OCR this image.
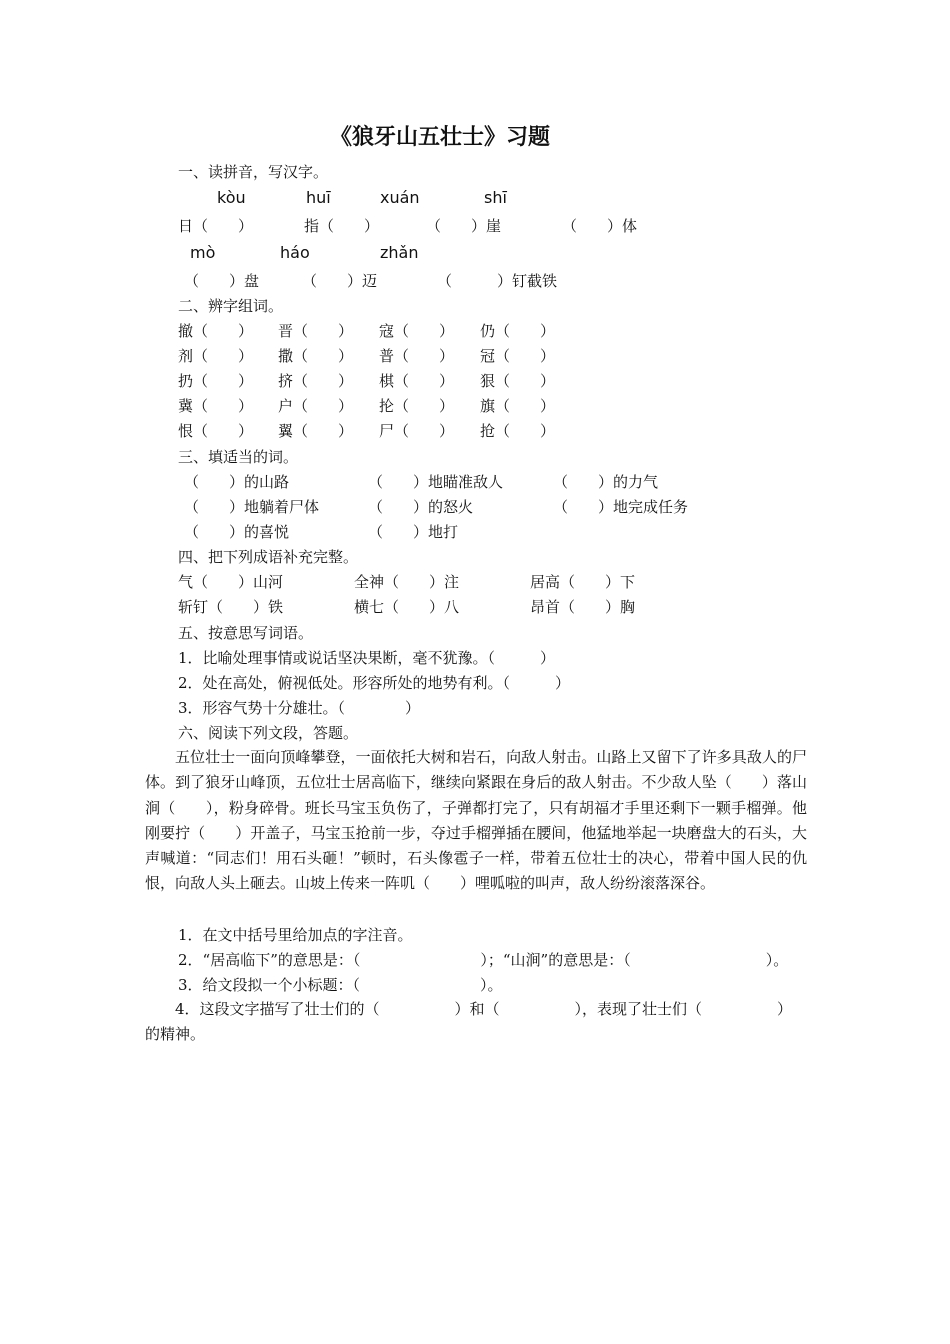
《狼牙山五壮士》习题
一、读拼音，写汉字。
kòu	huī	xuán	shī
日（　　）	指（　　）	（　　）崖	（　　）体
mò	háo	zhǎn
（　　）盘	（　　）迈	（　　　）钉截铁
二、辨字组词。
撤（　　） 晋（　　） 寇（　　） 仍（　　）
剂（　　） 撒（　　） 普（　　） 冠（　　）
扔（　　） 挤（　　） 棋（　　） 狠（　　）
冀（　　） 户（　　） 抡（　　） 旗（　　）
恨（　　） 翼（　　） 尸（　　） 抢（　　）
三、填适当的词。
（　　）的山路	（　　）地瞄准敌人	（　　）的力气
（　　）地躺着尸体	（　　）的怒火	（　　）地完成任务
（　　）的喜悦	（　　）地打
四、把下列成语补充完整。
气（　　）山河	全神（　　）注	居高（　　）下
斩钉（　　）铁	横七（　　）八	昂首（　　）胸
五、按意思写词语。
1．比喻处理事情或说话坚决果断，毫不犹豫。（　　　）
2．处在高处，俯视低处。形容所处的地势有利。（　　　）
3．形容气势十分雄壮。（　　　　）
六、阅读下列文段，答题。
五位壮士一面向顶峰攀登，一面依托大树和岩石，向敌人射击。山路上又留下了许多具敌人的尸体。到了狼牙山峰顶，五位壮士居高临下，继续向紧跟在身后的敌人射击。不少敌人坠（　　）落山涧（　　），粉身碎骨。班长马宝玉负伤了，子弹都打完了，只有胡福才手里还剩下一颗手榴弹。他刚要拧（　　）开盖子，马宝玉抢前一步，夺过手榴弹插在腰间，他猛地举起一块磨盘大的石头，大声喊道：“同志们！用石头砸！”顿时，石头像雹子一样，带着五位壮士的决心，带着中国人民的仇恨，向敌人头上砸去。山坡上传来一阵叽（　　）哩呱啦的叫声，敌人纷纷滚落深谷。
1．在文中括号里给加点的字注音。
2．“居高临下”的意思是：（　　　　　　　　）；“山涧”的意思是：（　　　　　　　　　）。
3．给文段拟一个小标题：（　　　　　　　　）。
4．这段文字描写了壮士们的（　　　　　）和（　　　　　），表现了壮士们（　　　　　）的精神。
